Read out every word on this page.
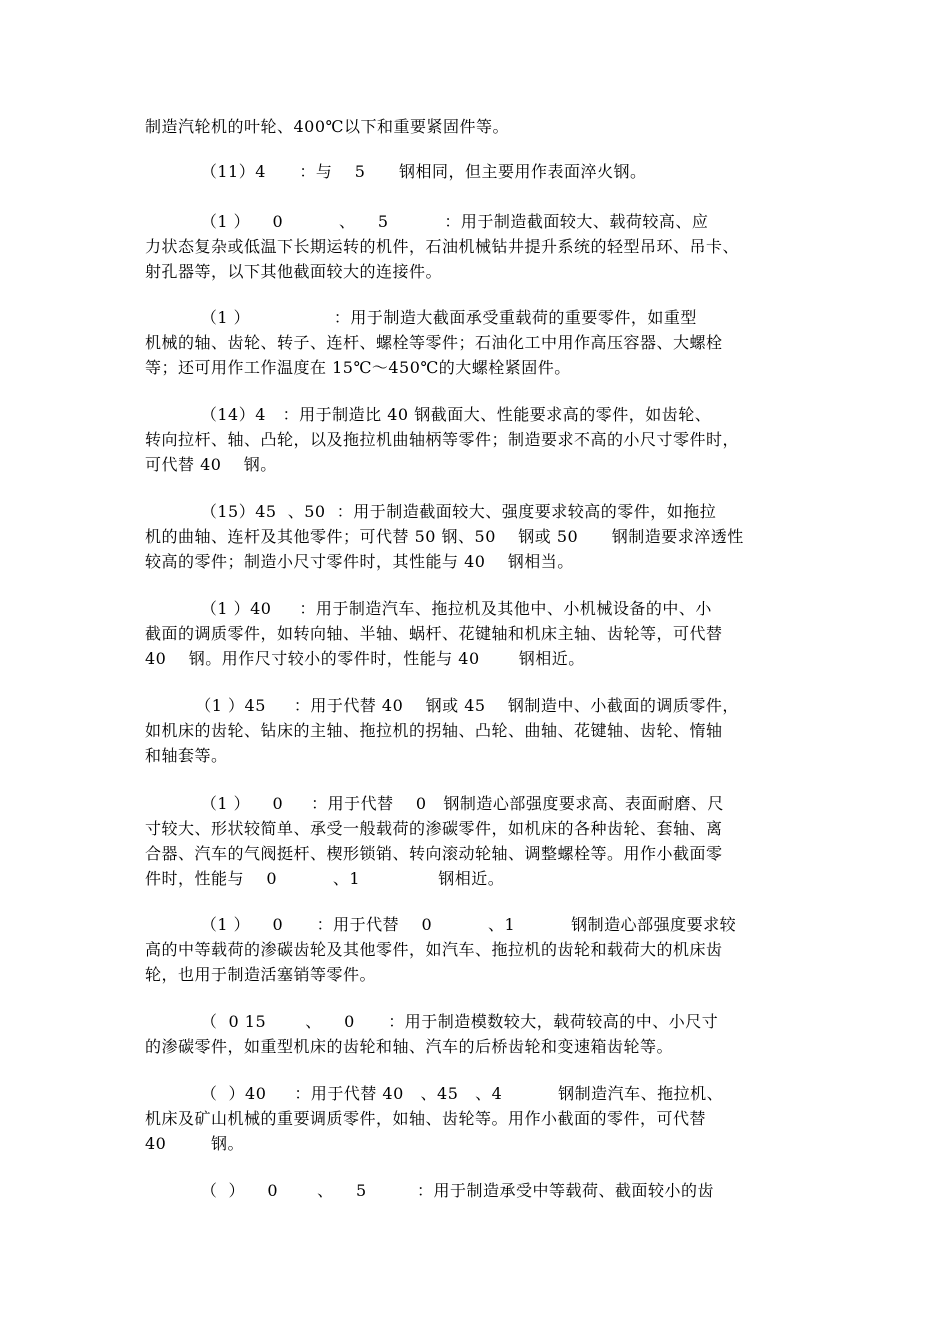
制造汽轮机的叶轮、400℃以下和重要紧固件等。
（11）4      ：与    5      钢相同，但主要用作表面淬火钢。
（1 ）    0          、    5          ：用于制造截面较大、载荷较高、应
力状态复杂或低温下长期运转的机件，石油机械钻井提升系统的轻型吊环、吊卡、
射孔器等，以下其他截面较大的连接件。
（1 ）               ：用于制造大截面承受重载荷的重要零件，如重型
机械的轴、齿轮、转子、连杆、螺栓等零件；石油化工中用作高压容器、大螺栓
等；还可用作工作温度在 15℃～450℃的大螺栓紧固件。
（14）4   ：用于制造比 40 钢截面大、性能要求高的零件，如齿轮、
转向拉杆、轴、凸轮，以及拖拉机曲轴柄等零件；制造要求不高的小尺寸零件时，
可代替 40    钢。
（15）45  、50  ：用于制造截面较大、强度要求较高的零件，如拖拉
机的曲轴、连杆及其他零件；可代替 50 钢、50    钢或 50      钢制造要求淬透性
较高的零件；制造小尺寸零件时，其性能与 40    钢相当。
（1 ）40     ：用于制造汽车、拖拉机及其他中、小机械设备的中、小
截面的调质零件，如转向轴、半轴、蜗杆、花键轴和机床主轴、齿轮等，可代替
40    钢。用作尺寸较小的零件时，性能与 40       钢相近。
（1 ）45     ：用于代替 40    钢或 45    钢制造中、小截面的调质零件，
如机床的齿轮、钻床的主轴、拖拉机的拐轴、凸轮、曲轴、花键轴、齿轮、惰轴
和轴套等。
（1 ）    0     ：用于代替    0   钢制造心部强度要求高、表面耐磨、尺
寸较大、形状较简单、承受一般载荷的渗碳零件，如机床的各种齿轮、套轴、离
合器、汽车的气阀挺杆、楔形锁销、转向滚动轮轴、调整螺栓等。用作小截面零
件时，性能与    0          、1              钢相近。
（1 ）    0      ：用于代替    0          、1          钢制造心部强度要求较
高的中等载荷的渗碳齿轮及其他零件，如汽车、拖拉机的齿轮和载荷大的机床齿
轮，也用于制造活塞销等零件。
（  0 15       、    0      ：用于制造模数较大，载荷较高的中、小尺寸
的渗碳零件，如重型机床的齿轮和轴、汽车的后桥齿轮和变速箱齿轮等。
（  ）40     ：用于代替 40   、45   、4          钢制造汽车、拖拉机、
机床及矿山机械的重要调质零件，如轴、齿轮等。用作小截面的零件，可代替
40        钢。
（  ）    0       、    5         ：用于制造承受中等载荷、截面较小的齿
